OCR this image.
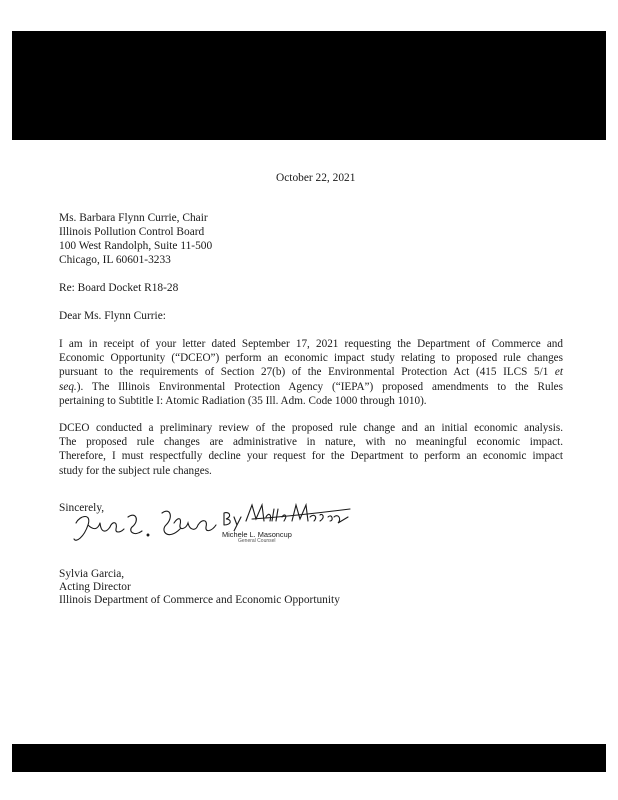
October 22, 2021
Ms. Barbara Flynn Currie, Chair
Illinois Pollution Control Board
100 West Randolph, Suite 11-500
Chicago, IL 60601-3233
Re: Board Docket R18-28
Dear Ms. Flynn Currie:
I am in receipt of your letter dated September 17, 2021 requesting the Department of Commerce and
Economic Opportunity (“DCEO”) perform an economic impact study relating to proposed rule changes
pursuant to the requirements of Section 27(b) of the Environmental Protection Act (415 ILCS 5/1 et
seq.). The Illinois Environmental Protection Agency (“IEPA”) proposed amendments to the Rules
pertaining to Subtitle I: Atomic Radiation (35 Ill. Adm. Code 1000 through 1010).
DCEO conducted a preliminary review of the proposed rule change and an initial economic analysis.
The proposed rule changes are administrative in nature, with no meaningful economic impact.
Therefore, I must respectfully decline your request for the Department to perform an economic impact
study for the subject rule changes.
Sincerely,
Michele L. Masoncup
General Counsel
Sylvia Garcia,
Acting Director
Illinois Department of Commerce and Economic Opportunity
